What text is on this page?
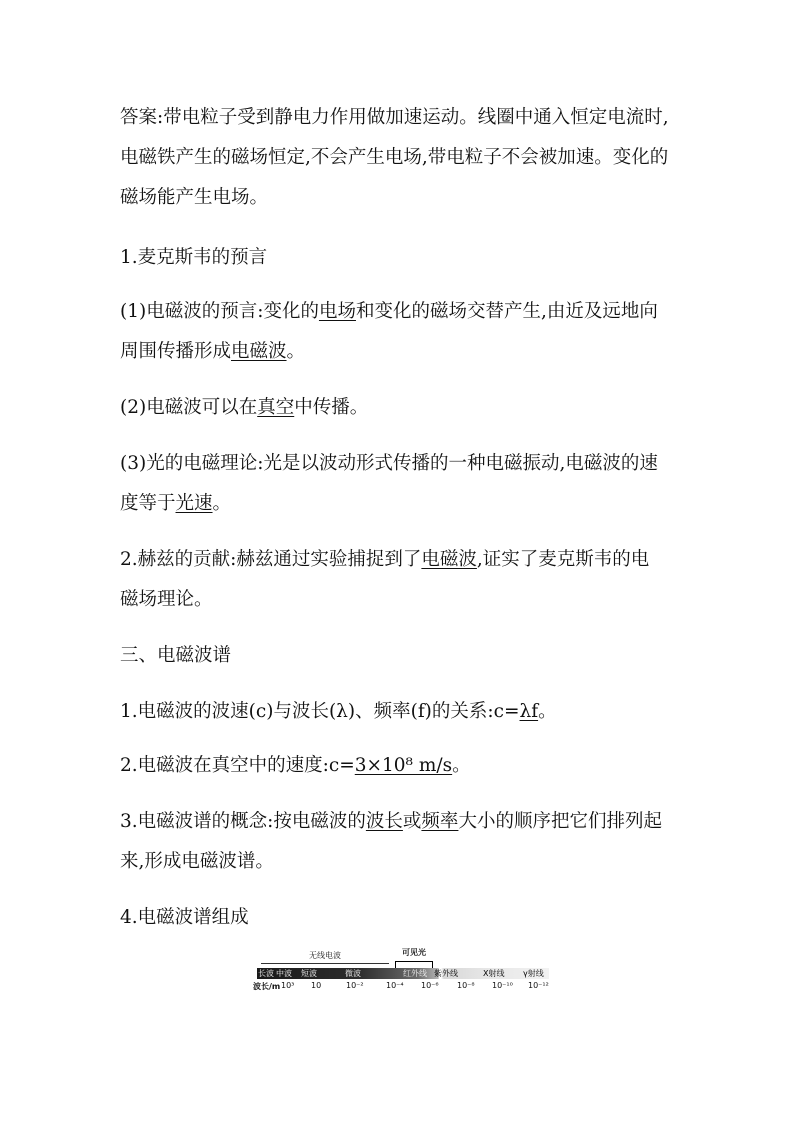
答案:带电粒子受到静电力作用做加速运动。线圈中通入恒定电流时,
电磁铁产生的磁场恒定,不会产生电场,带电粒子不会被加速。变化的
磁场能产生电场。
1.麦克斯韦的预言
(1)电磁波的预言:变化的电场和变化的磁场交替产生,由近及远地向
周围传播形成电磁波。
(2)电磁波可以在真空中传播。
(3)光的电磁理论:光是以波动形式传播的一种电磁振动,电磁波的速
度等于光速。
2.赫兹的贡献:赫兹通过实验捕捉到了电磁波,证实了麦克斯韦的电
磁场理论。
三、电磁波谱
1.电磁波的波速(c)与波长(λ)、频率(f)的关系:c=λf。
2.电磁波在真空中的速度:c=3×10⁸ m/s。
3.电磁波谱的概念:按电磁波的波长或频率大小的顺序把它们排列起
来,形成电磁波谱。
4.电磁波谱组成
无线电波	可见光
长波 中波 短波	微波	红外线 紫外线	X射线 γ射线
波长/m 10³ 10	10⁻²	10⁻⁴ 10⁻⁶ 10⁻⁸ 10⁻¹⁰ 10⁻¹²
